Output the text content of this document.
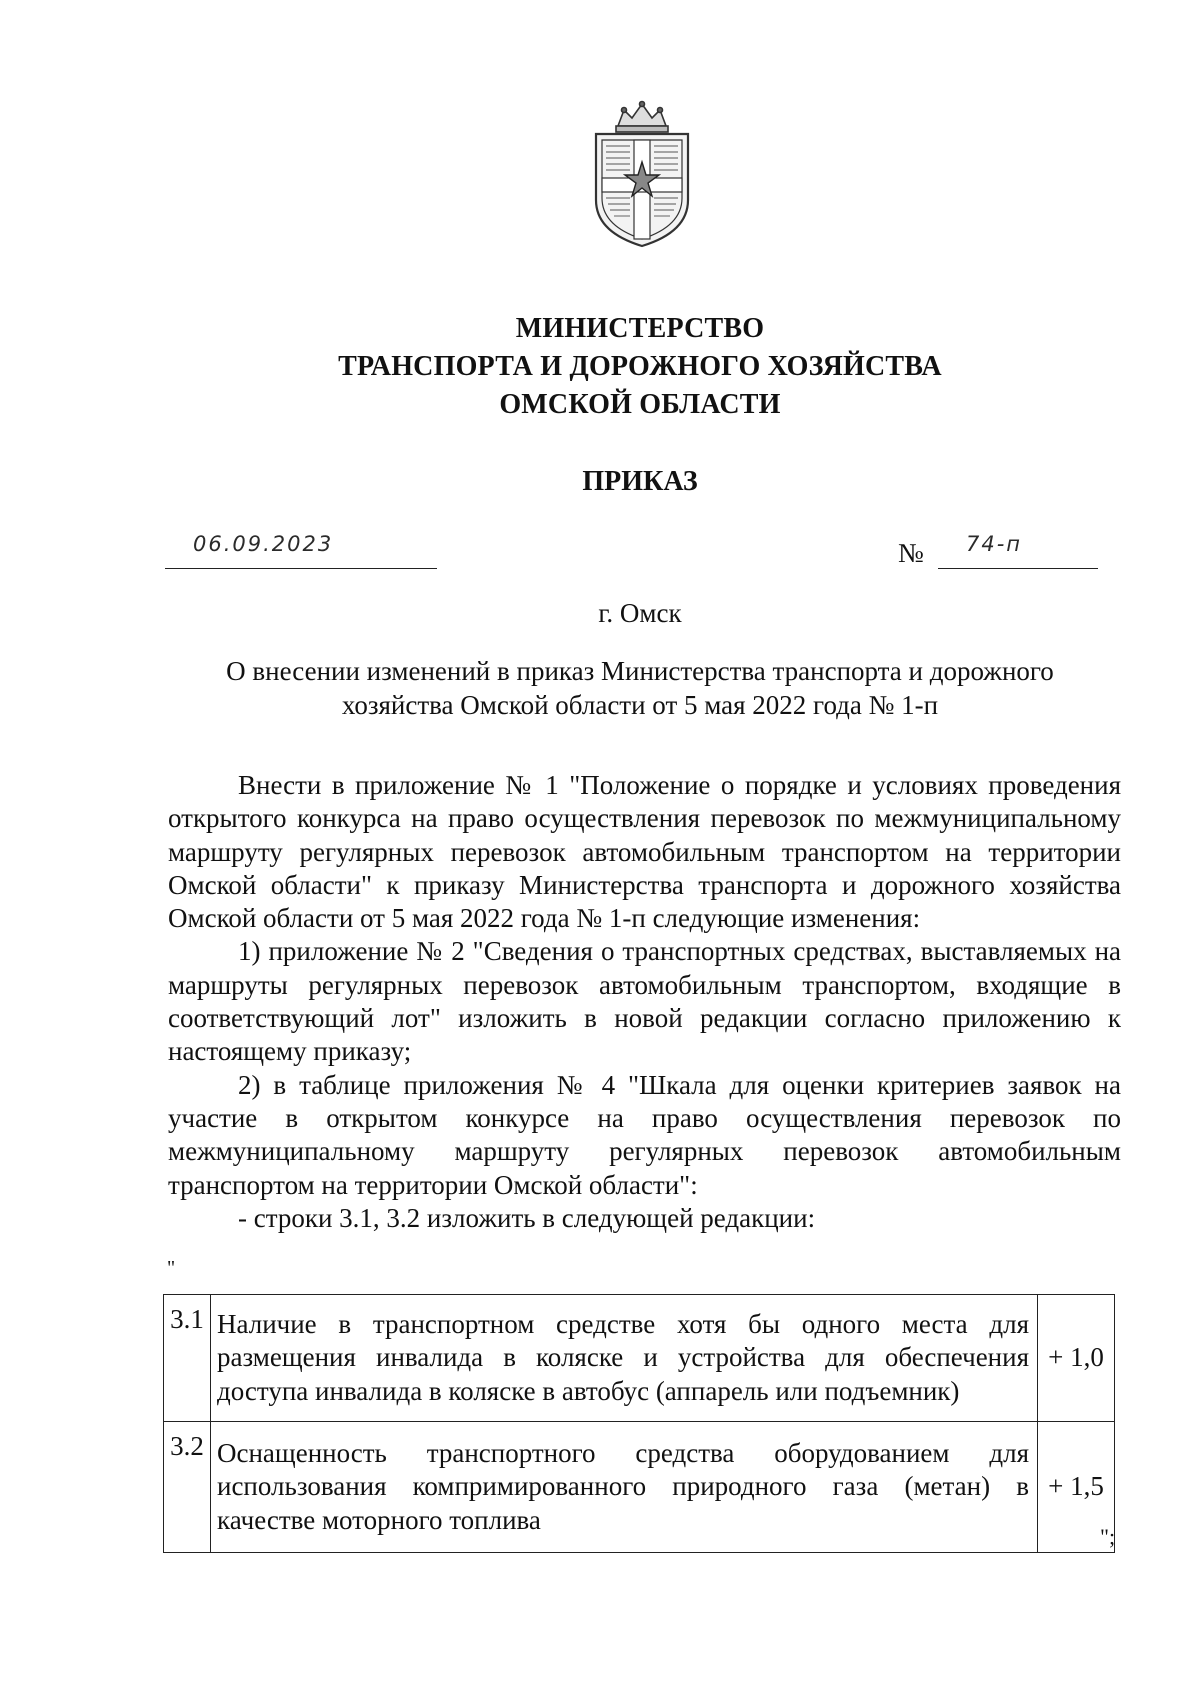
МИНИСТЕРСТВО
ТРАНСПОРТА И ДОРОЖНОГО ХОЗЯЙСТВА
ОМСКОЙ ОБЛАСТИ
ПРИКАЗ
06.09.2023	№ 74-п
г. Омск
О внесении изменений в приказ Министерства транспорта и дорожного
хозяйства Омской области от 5 мая 2022 года № 1-п

Внести в приложение № 1 "Положение о порядке и условиях проведения открытого конкурса на право осуществления перевозок по межмуниципальному маршруту регулярных перевозок автомобильным транспортом на территории Омской области" к приказу Министерства транспорта и дорожного хозяйства Омской области от 5 мая 2022 года № 1-п следующие изменения:

1) приложение № 2 "Сведения о транспортных средствах, выставляемых на маршруты регулярных перевозок автомобильным транспортом, входящие в соответствующий лот" изложить в новой редакции согласно приложению к настоящему приказу;

2) в таблице приложения № 4 "Шкала для оценки критериев заявок на участие в открытом конкурсе на право осуществления перевозок по межмуниципальному маршруту регулярных перевозок автомобильным транспортом на территории Омской области":

- строки 3.1, 3.2 изложить в следующей редакции:

"
3.1	Наличие в транспортном средстве хотя бы одного места для размещения инвалида в коляске и устройства для обеспечения доступа инвалида в коляске в автобус (аппарель или подъемник)	+ 1,0
3.2	Оснащенность транспортного средства оборудованием для использования компримированного природного газа (метан) в качестве моторного топлива	+ 1,5
";
